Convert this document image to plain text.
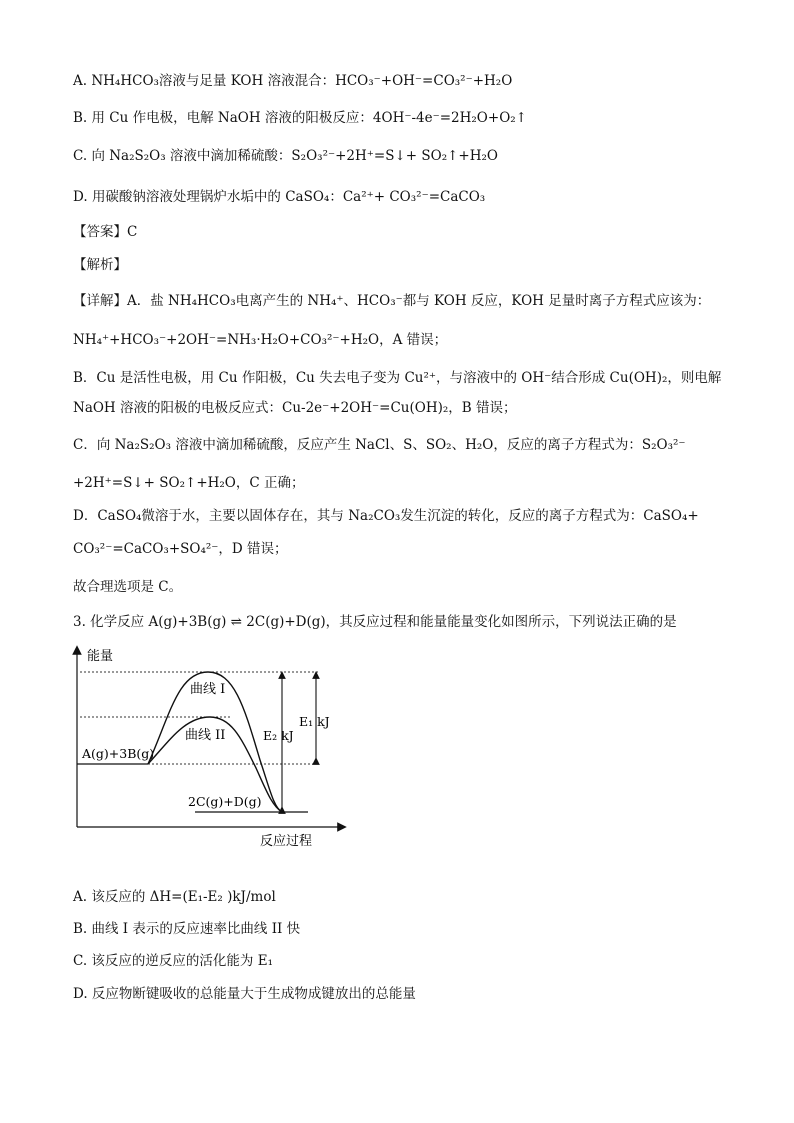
A. NH₄HCO₃溶液与足量 KOH 溶液混合：HCO₃⁻+OH⁻=CO₃²⁻+H₂O
B. 用 Cu 作电极，电解 NaOH 溶液的阳极反应：4OH⁻-4e⁻=2H₂O+O₂↑
C. 向 Na₂S₂O₃ 溶液中滴加稀硫酸：S₂O₃²⁻+2H⁺=S↓+ SO₂↑+H₂O
D. 用碳酸钠溶液处理锅炉水垢中的 CaSO₄：Ca²⁺+ CO₃²⁻=CaCO₃
【答案】C
【解析】
【详解】A．盐 NH₄HCO₃电离产生的 NH₄⁺、HCO₃⁻都与 KOH 反应，KOH 足量时离子方程式应该为：
NH₄⁺+HCO₃⁻+2OH⁻=NH₃·H₂O+CO₃²⁻+H₂O，A 错误；
B．Cu 是活性电极，用 Cu 作阳极，Cu 失去电子变为 Cu²⁺，与溶液中的 OH⁻结合形成 Cu(OH)₂，则电解
NaOH 溶液的阳极的电极反应式：Cu-2e⁻+2OH⁻=Cu(OH)₂，B 错误；
C．向 Na₂S₂O₃ 溶液中滴加稀硫酸，反应产生 NaCl、S、SO₂、H₂O，反应的离子方程式为：S₂O₃²⁻
+2H⁺=S↓+ SO₂↑+H₂O，C 正确；
D．CaSO₄微溶于水，主要以固体存在，其与 Na₂CO₃发生沉淀的转化，反应的离子方程式为：CaSO₄+
CO₃²⁻=CaCO₃+SO₄²⁻，D 错误；
故合理选项是 C。
3. 化学反应 A(g)+3B(g) ⇌ 2C(g)+D(g)，其反应过程和能量能量变化如图所示，下列说法正确的是
能量
反应过程
A(g)+3B(g)
2C(g)+D(g)
曲线 I
曲线 II	E₂ kJ
E₁ kJ
A. 该反应的 ΔH=(E₁-E₂ )kJ/mol
B. 曲线 I 表示的反应速率比曲线 II 快
C. 该反应的逆反应的活化能为 E₁
D. 反应物断键吸收的总能量大于生成物成键放出的总能量
